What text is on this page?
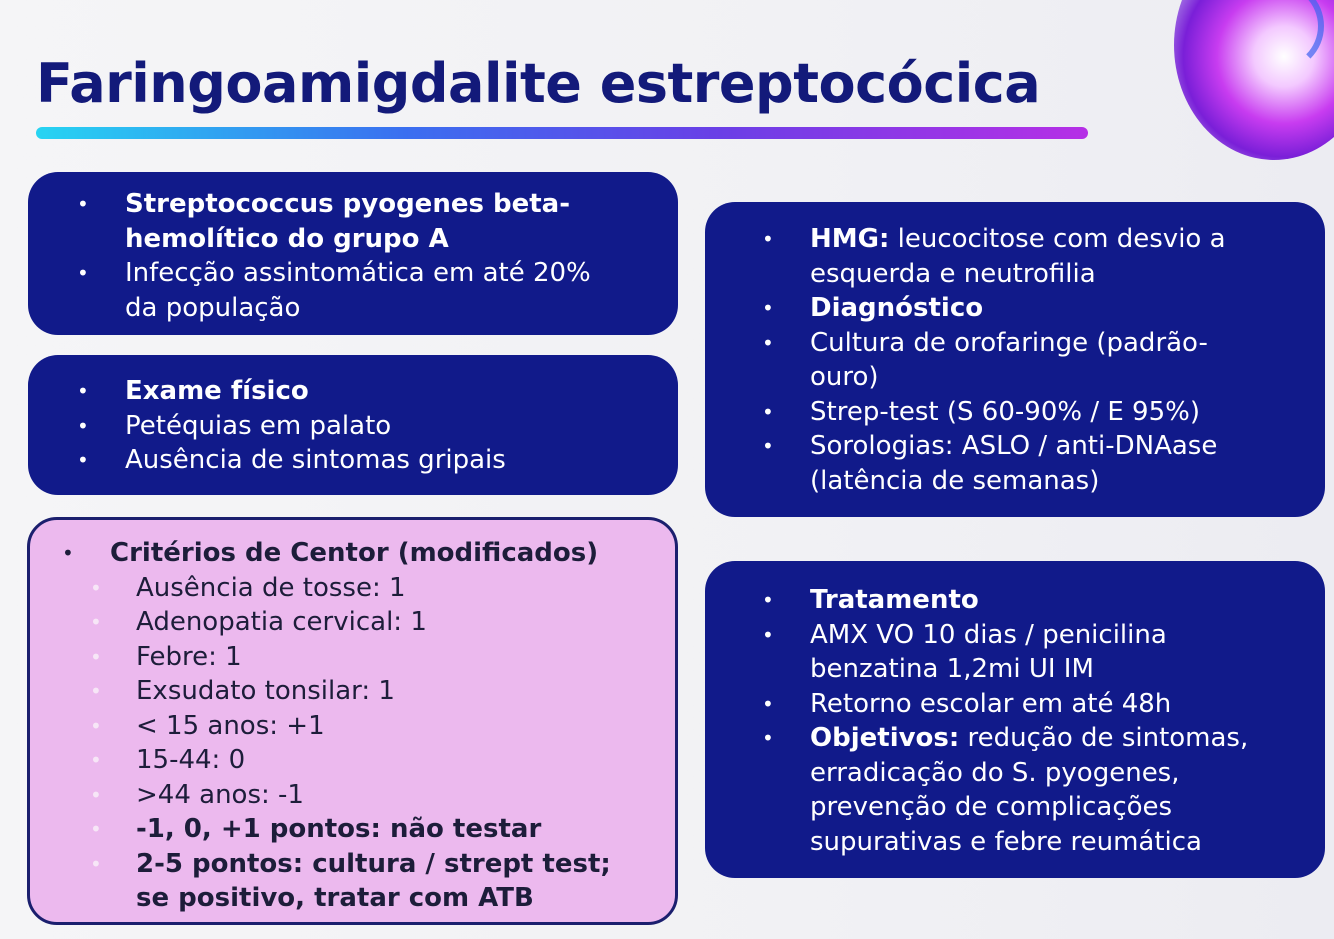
Faringoamigdalite estreptocócica
• Streptococcus pyogenes beta-
hemolítico do grupo A
• Infecção assintomática em até 20%
da população
• Exame físico
• Petéquias em palato
• Ausência de sintomas gripais
• HMG: leucocitose com desvio a
esquerda e neutrofilia
• Diagnóstico
• Cultura de orofaringe (padrão-
ouro)
• Strep-test (S 60-90% / E 95%)
• Sorologias: ASLO / anti-DNAase
(latência de semanas)
• Tratamento
• AMX VO 10 dias / penicilina
benzatina 1,2mi UI IM
• Retorno escolar em até 48h
• Objetivos: redução de sintomas,
erradicação do S. pyogenes,
prevenção de complicações
supurativas e febre reumática
• Critérios de Centor (modificados)
• Ausência de tosse: 1
• Adenopatia cervical: 1
• Febre: 1
• Exsudato tonsilar: 1
• < 15 anos: +1
• 15-44: 0
• >44 anos: -1
• -1, 0, +1 pontos: não testar
• 2-5 pontos: cultura / strept test;
se positivo, tratar com ATB
